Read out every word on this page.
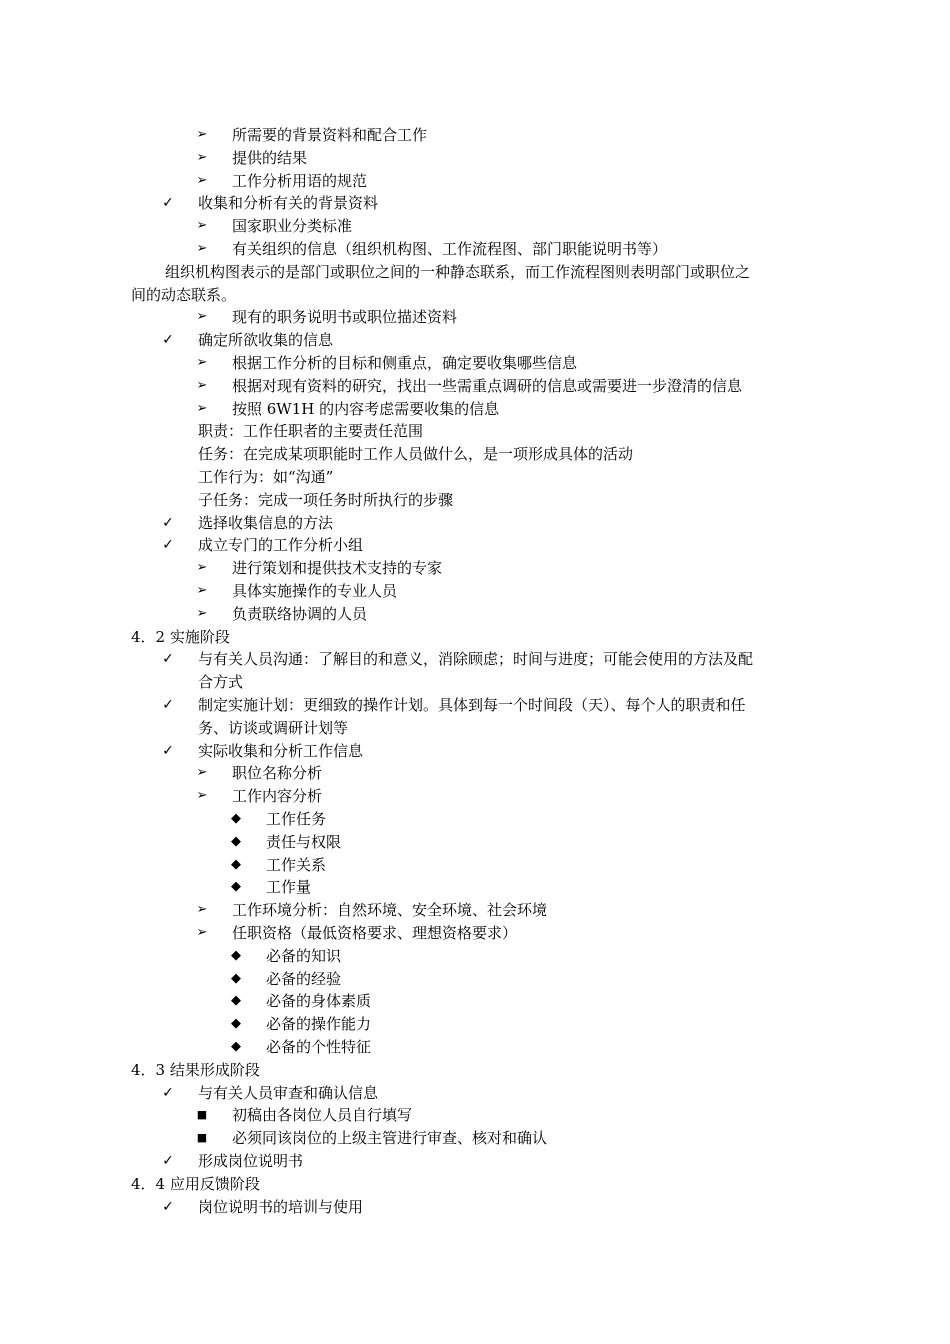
➢	所需要的背景资料和配合工作
➢	提供的结果
➢	工作分析用语的规范
✓	收集和分析有关的背景资料
➢	国家职业分类标准
➢	有关组织的信息（组织机构图、工作流程图、部门职能说明书等）
组织机构图表示的是部门或职位之间的一种静态联系，而工作流程图则表明部门或职位之
间的动态联系。
➢	现有的职务说明书或职位描述资料
✓	确定所欲收集的信息
➢	根据工作分析的目标和侧重点，确定要收集哪些信息
➢	根据对现有资料的研究，找出一些需重点调研的信息或需要进一步澄清的信息
➢	按照 6W1H 的内容考虑需要收集的信息
职责：工作任职者的主要责任范围
任务：在完成某项职能时工作人员做什么，是一项形成具体的活动
工作行为：如“沟通”
子任务：完成一项任务时所执行的步骤
✓	选择收集信息的方法
✓	成立专门的工作分析小组
➢	进行策划和提供技术支持的专家
➢	具体实施操作的专业人员
➢	负责联络协调的人员
4．2 实施阶段
✓	与有关人员沟通：了解目的和意义，消除顾虑；时间与进度；可能会使用的方法及配
合方式
✓	制定实施计划：更细致的操作计划。具体到每一个时间段（天）、每个人的职责和任
务、访谈或调研计划等
✓	实际收集和分析工作信息
➢	职位名称分析
➢	工作内容分析
◆	工作任务
◆	责任与权限
◆	工作关系
◆	工作量
➢	工作环境分析：自然环境、安全环境、社会环境
➢	任职资格（最低资格要求、理想资格要求）
◆	必备的知识
◆	必备的经验
◆	必备的身体素质
◆	必备的操作能力
◆	必备的个性特征
4．3 结果形成阶段
✓	与有关人员审查和确认信息
■	初稿由各岗位人员自行填写
■	必须同该岗位的上级主管进行审查、核对和确认
✓	形成岗位说明书
4．4 应用反馈阶段
✓	岗位说明书的培训与使用
